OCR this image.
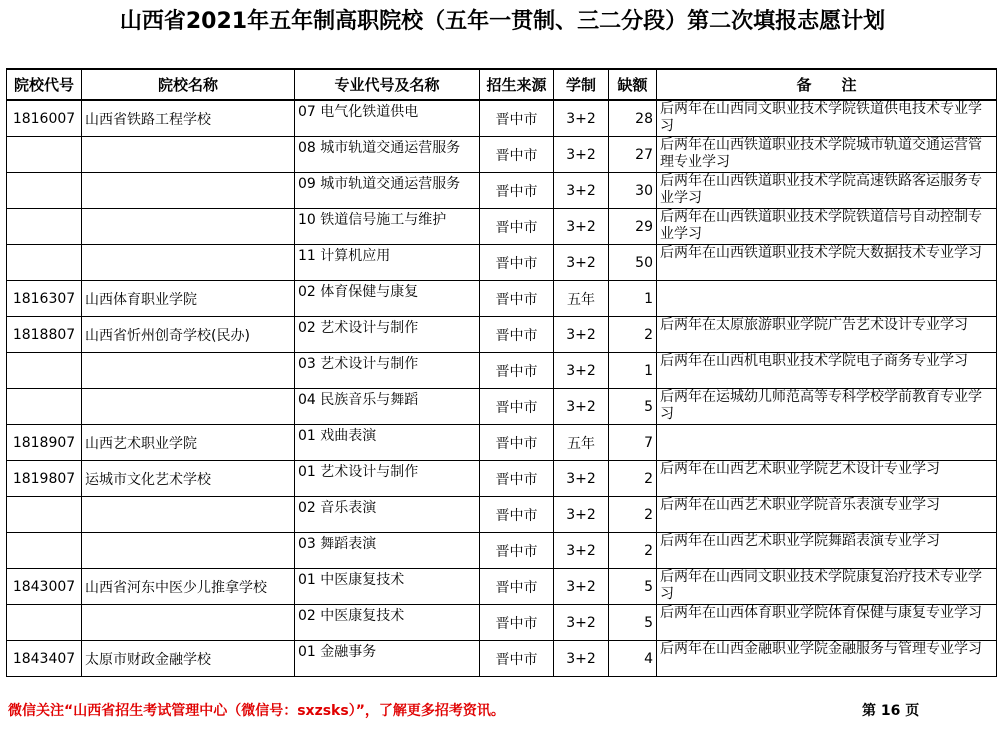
山西省2021年五年制高职院校（五年一贯制、三二分段）第二次填报志愿计划
院校代号	院校名称	专业代号及名称	招生来源	学制	缺额	备　　注
1816007	山西省铁路工程学校	07 电气化铁道供电	晋中市	3+2	28	后两年在山西同文职业技术学院铁道供电技术专业学习
		08 城市轨道交通运营服务	晋中市	3+2	27	后两年在山西铁道职业技术学院城市轨道交通运营管理专业学习
		09 城市轨道交通运营服务	晋中市	3+2	30	后两年在山西铁道职业技术学院高速铁路客运服务专业学习
		10 铁道信号施工与维护	晋中市	3+2	29	后两年在山西铁道职业技术学院铁道信号自动控制专业学习
		11 计算机应用	晋中市	3+2	50	后两年在山西铁道职业技术学院大数据技术专业学习
1816307	山西体育职业学院	02 体育保健与康复	晋中市	五年	1	
1818807	山西省忻州创奇学校(民办)	02 艺术设计与制作	晋中市	3+2	2	后两年在太原旅游职业学院广告艺术设计专业学习
		03 艺术设计与制作	晋中市	3+2	1	后两年在山西机电职业技术学院电子商务专业学习
		04 民族音乐与舞蹈	晋中市	3+2	5	后两年在运城幼儿师范高等专科学校学前教育专业学习
1818907	山西艺术职业学院	01 戏曲表演	晋中市	五年	7	
1819807	运城市文化艺术学校	01 艺术设计与制作	晋中市	3+2	2	后两年在山西艺术职业学院艺术设计专业学习
		02 音乐表演	晋中市	3+2	2	后两年在山西艺术职业学院音乐表演专业学习
		03 舞蹈表演	晋中市	3+2	2	后两年在山西艺术职业学院舞蹈表演专业学习
1843007	山西省河东中医少儿推拿学校	01 中医康复技术	晋中市	3+2	5	后两年在山西同文职业技术学院康复治疗技术专业学习
		02 中医康复技术	晋中市	3+2	5	后两年在山西体育职业学院体育保健与康复专业学习
1843407	太原市财政金融学校	01 金融事务	晋中市	3+2	4	后两年在山西金融职业学院金融服务与管理专业学习
微信关注“山西省招生考试管理中心（微信号：sxzsks）”，了解更多招考资讯。	第 16 页
